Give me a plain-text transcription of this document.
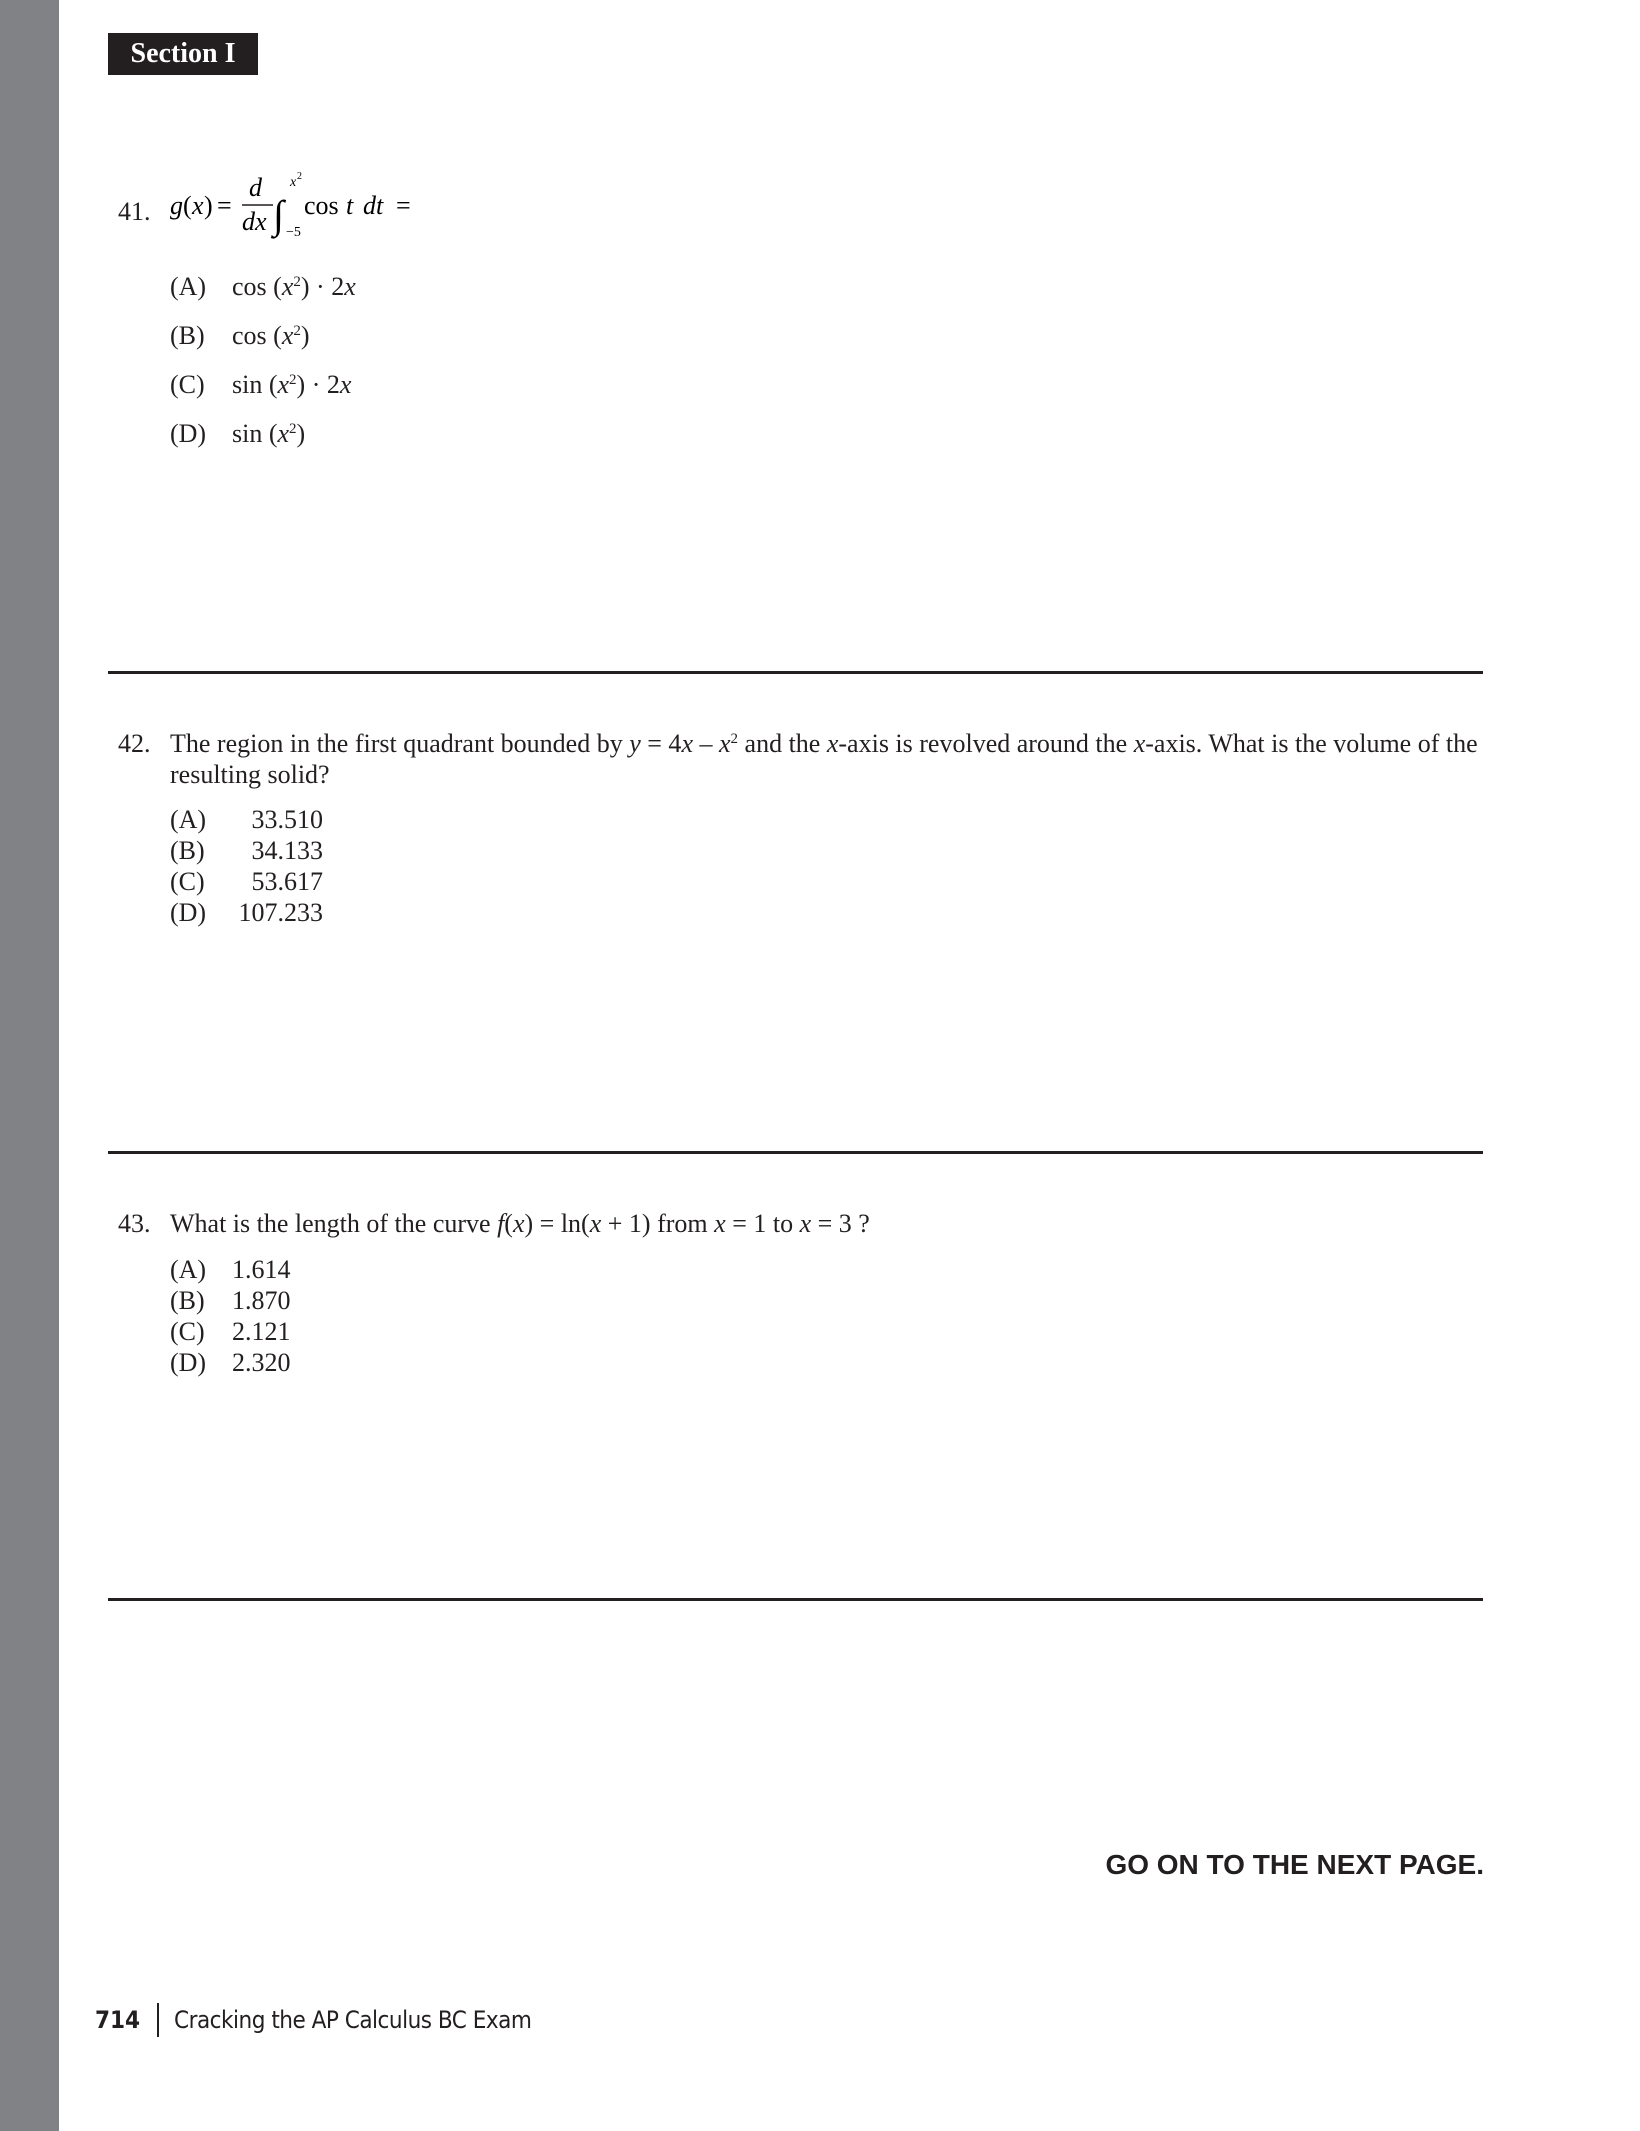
Section I
41. g ( x ) =
d
dx ∫
x 2
−5
cos t dt =
(A) $\cos (x^2) \cdot 2x$
(B) $\cos (x^2)$
(C) $\sin (x^2) \cdot 2x$
(D) $\sin (x^2)$
42. The region in the first quadrant bounded by $y = 4x - x^2$ and the x-axis is revolved around the x-axis. What is the volume of the resulting solid?
(A)	33.510
(B)	34.133
(C)	53.617
(D)	107.233
43. What is the length of the curve f(x) = ln(x + 1) from x = 1 to x = 3 ?
(A) 1.614
(B) 1.870
(C) 2.121
(D) 2.320
GO ON TO THE NEXT PAGE.
714 Cracking the AP Calculus BC Exam
